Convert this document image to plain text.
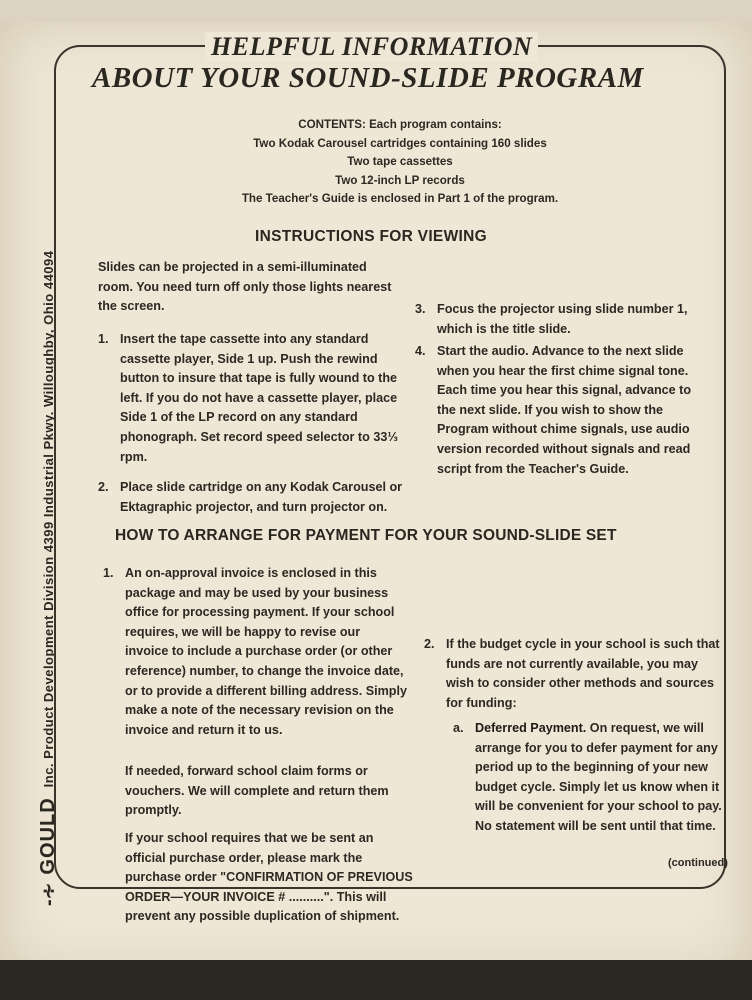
-∻
GOULD
Inc. Product Development Division 4399 Industrial Pkwy. Willoughby, Ohio 44094
HELPFUL INFORMATION
ABOUT YOUR SOUND-SLIDE PROGRAM

CONTENTS: Each program contains:

Two Kodak Carousel cartridges containing 160 slides

Two tape cassettes

Two 12-inch LP records

The Teacher's Guide is enclosed in Part 1 of the program.

INSTRUCTIONS FOR VIEWING

Slides can be projected in a semi-illuminated room. You need turn off only those lights nearest the screen.

1. Insert the tape cassette into any standard cassette player, Side 1 up. Push the rewind button to insure that tape is fully wound to the left. If you do not have a cassette player, place Side 1 of the LP record on any standard phonograph. Set record speed selector to 33⅓ rpm.

2. Place slide cartridge on any Kodak Carousel or Ektagraphic projector, and turn projector on.

3. Focus the projector using slide number 1, which is the title slide.

4. Start the audio. Advance to the next slide when you hear the first chime signal tone. Each time you hear this signal, advance to the next slide. If you wish to show the Program without chime signals, use audio version recorded without signals and read script from the Teacher's Guide.

HOW TO ARRANGE FOR PAYMENT FOR YOUR SOUND-SLIDE SET
1. An on-approval invoice is enclosed in this package and may be used by your business office for processing payment. If your school requires, we will be happy to revise our invoice to include a purchase order (or other reference) number, to change the invoice date, or to provide a different billing address. Simply make a note of the necessary revision on the invoice and return it to us.

If needed, forward school claim forms or vouchers. We will complete and return them promptly.

If your school requires that we be sent an official purchase order, please mark the purchase order "CONFIRMATION OF PREVIOUS ORDER—YOUR INVOICE # ..........". This will prevent any possible duplication of shipment.

2. If the budget cycle in your school is such that funds are not currently available, you may wish to consider other methods and sources for funding:

a. Deferred Payment. On request, we will arrange for you to defer payment for any period up to the beginning of your new budget cycle. Simply let us know when it will be convenient for your school to pay. No statement will be sent until that time.

(continued)
